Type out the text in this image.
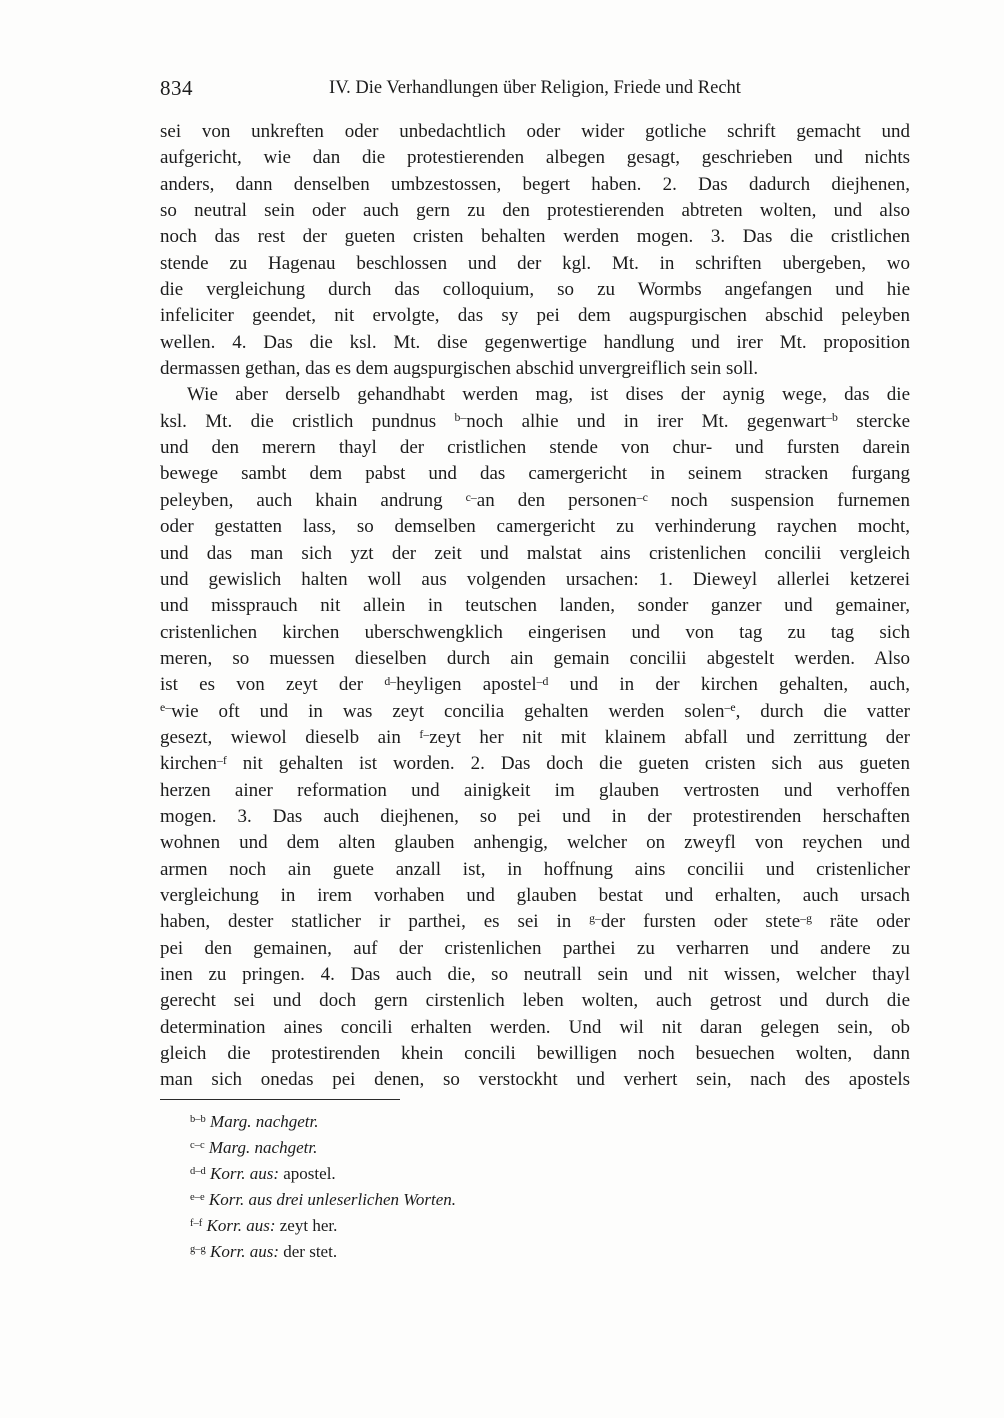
834	IV. Die Verhandlungen über Religion, Friede und Recht
sei von unkreften oder unbedachtlich oder wider gotliche schrift gemacht und
aufgericht, wie dan die protestierenden albegen gesagt, geschrieben und nichts
anders, dann denselben umbzestossen, begert haben. 2. Das dadurch diejhenen,
so neutral sein oder auch gern zu den protestierenden abtreten wolten, und also
noch das rest der gueten cristen behalten werden mogen. 3. Das die cristlichen
stende zu Hagenau beschlossen und der kgl. Mt. in schriften ubergeben, wo
die vergleichung durch das colloquium, so zu Wormbs angefangen und hie
infeliciter geendet, nit ervolgte, das sy pei dem augspurgischen abschid peleyben
wellen. 4. Das die ksl. Mt. dise gegenwertige handlung und irer Mt. proposition
dermassen gethan, das es dem augspurgischen abschid unvergreiflich sein soll.
Wie aber derselb gehandhabt werden mag, ist dises der aynig wege, das die
ksl. Mt. die cristlich pundnus $^{b-}$noch alhie und in irer Mt. gegenwart$^{-b}$ stercke
und den merern thayl der cristlichen stende von chur- und fursten darein
bewege sambt dem pabst und das camergericht in seinem stracken furgang
peleyben, auch khain andrung $^{c-}$an den personen$^{-c}$ noch suspension furnemen
oder gestatten lass, so demselben camergericht zu verhinderung raychen mocht,
und das man sich yzt der zeit und malstat ains cristenlichen concilii vergleich
und gewislich halten woll aus volgenden ursachen: 1. Dieweyl allerlei ketzerei
und missprauch nit allein in teutschen landen, sonder ganzer und gemainer,
cristenlichen kirchen uberschwengklich eingerisen und von tag zu tag sich
meren, so muessen dieselben durch ain gemain concilii abgestelt werden. Also
ist es von zeyt der $^{d-}$heyligen apostel$^{-d}$ und in der kirchen gehalten, auch,
$^{e-}$wie oft und in was zeyt concilia gehalten werden solen$^{-e}$, durch die vatter
gesezt, wiewol dieselb ain $^{f-}$zeyt her nit mit klainem abfall und zerrittung der
kirchen$^{-f}$ nit gehalten ist worden. 2. Das doch die gueten cristen sich aus gueten
herzen ainer reformation und ainigkeit im glauben vertrosten und verhoffen
mogen. 3. Das auch diejhenen, so pei und in der protestirenden herschaften
wohnen und dem alten glauben anhengig, welcher on zweyfl von reychen und
armen noch ain guete anzall ist, in hoffnung ains concilii und cristenlicher
vergleichung in irem vorhaben und glauben bestat und erhalten, auch ursach
haben, dester statlicher ir parthei, es sei in $^{g-}$der fursten oder stete$^{-g}$ räte oder
pei den gemainen, auf der cristenlichen parthei zu verharren und andere zu
inen zu pringen. 4. Das auch die, so neutrall sein und nit wissen, welcher thayl
gerecht sei und doch gern cirstenlich leben wolten, auch getrost und durch die
determination aines concili erhalten werden. Und wil nit daran gelegen sein, ob
gleich die protestirenden khein concili bewilligen noch besuechen wolten, dann
man sich onedas pei denen, so verstockht und verhert sein, nach des apostels
$^{b-b}$ Marg. nachgetr.
$^{c-c}$ Marg. nachgetr.
$^{d-d}$ Korr. aus: apostel.
$^{e-e}$ Korr. aus drei unleserlichen Worten.
$^{f-f}$ Korr. aus: zeyt her.
$^{g-g}$ Korr. aus: der stet.
